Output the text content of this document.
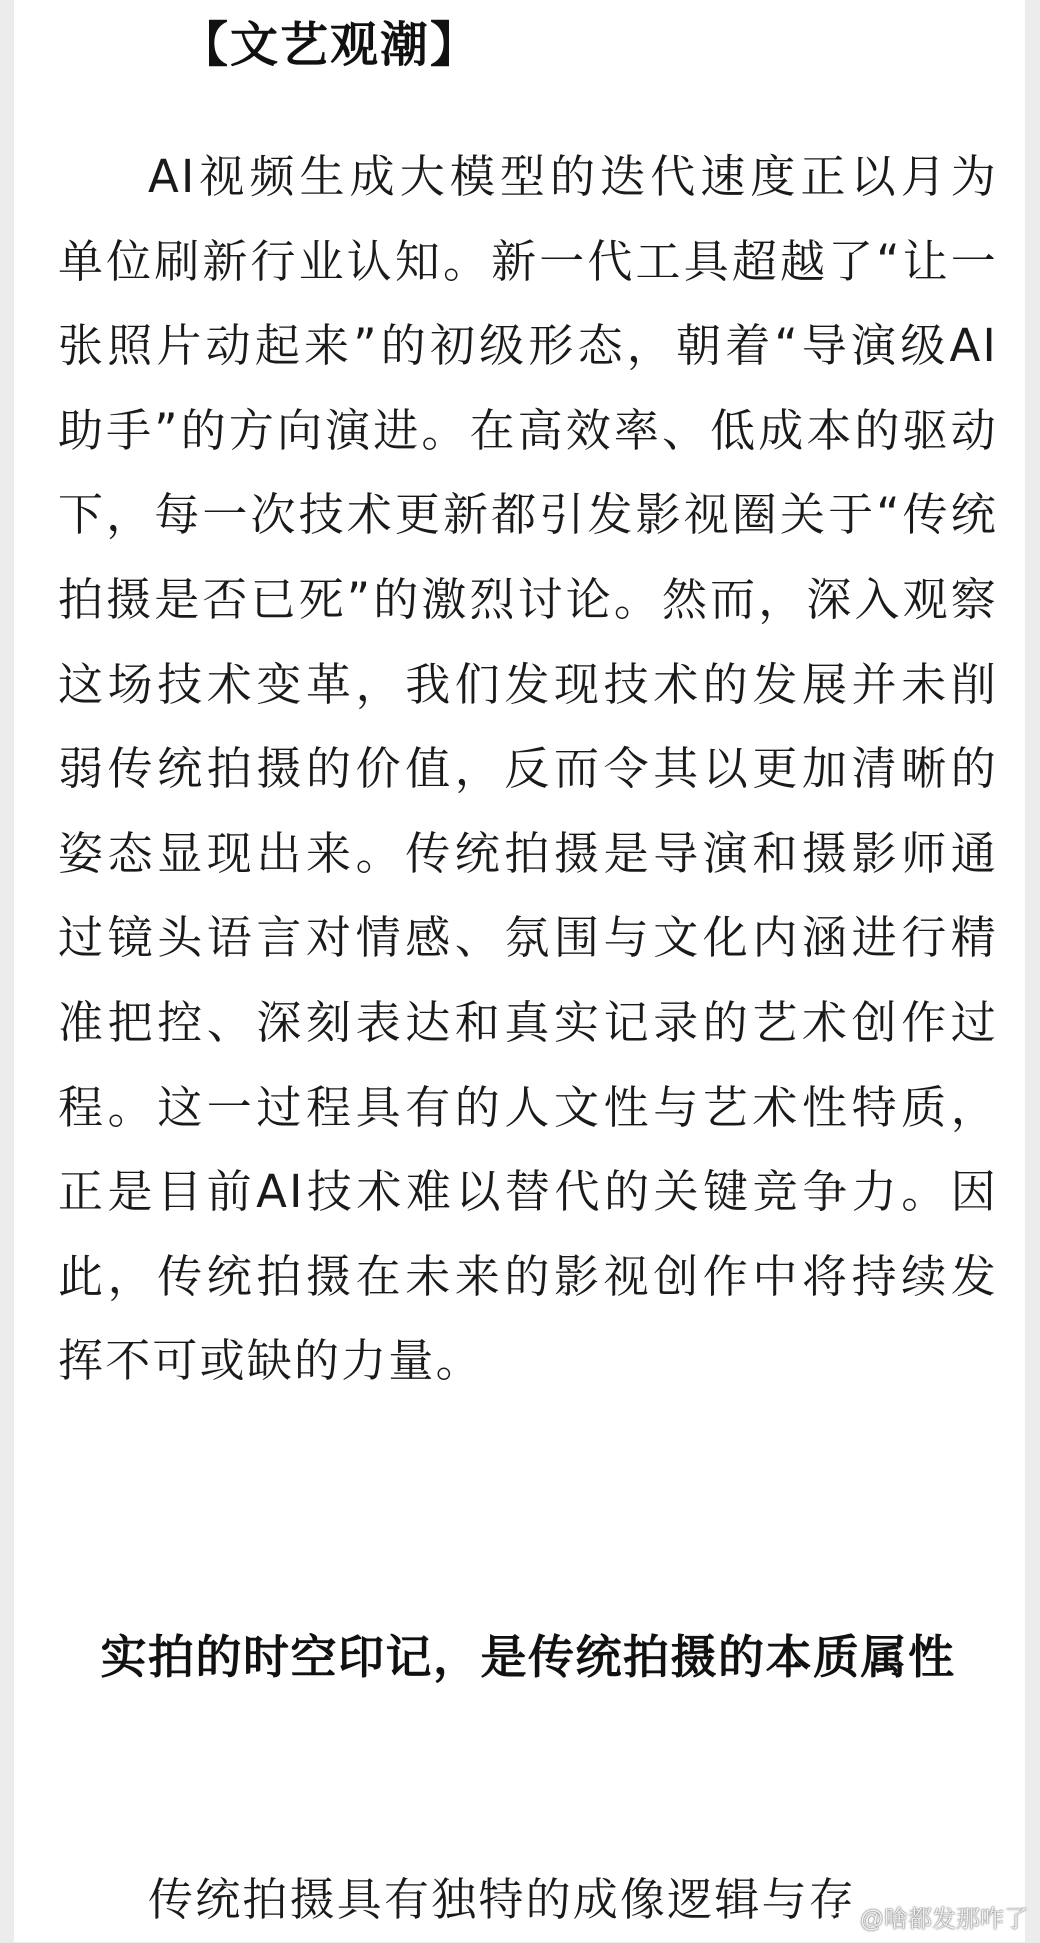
【文艺观潮】

AI视频生成大模型的迭代速度正以月为单位刷新行业认知。新一代工具超越了“让一张照片动起来”的初级形态，朝着“导演级AI助手”的方向演进。在高效率、低成本的驱动下，每一次技术更新都引发影视圈关于“传统拍摄是否已死”的激烈讨论。然而，深入观察这场技术变革，我们发现技术的发展并未削弱传统拍摄的价值，反而令其以更加清晰的姿态显现出来。传统拍摄是导演和摄影师通过镜头语言对情感、氛围与文化内涵进行精准把控、深刻表达和真实记录的艺术创作过程。这一过程具有的人文性与艺术性特质，正是目前AI技术难以替代的关键竞争力。因此，传统拍摄在未来的影视创作中将持续发挥不可或缺的力量。

实拍的时空印记，是传统拍摄的本质属性

传统拍摄具有独特的成像逻辑与存 @啥都发那咋了
